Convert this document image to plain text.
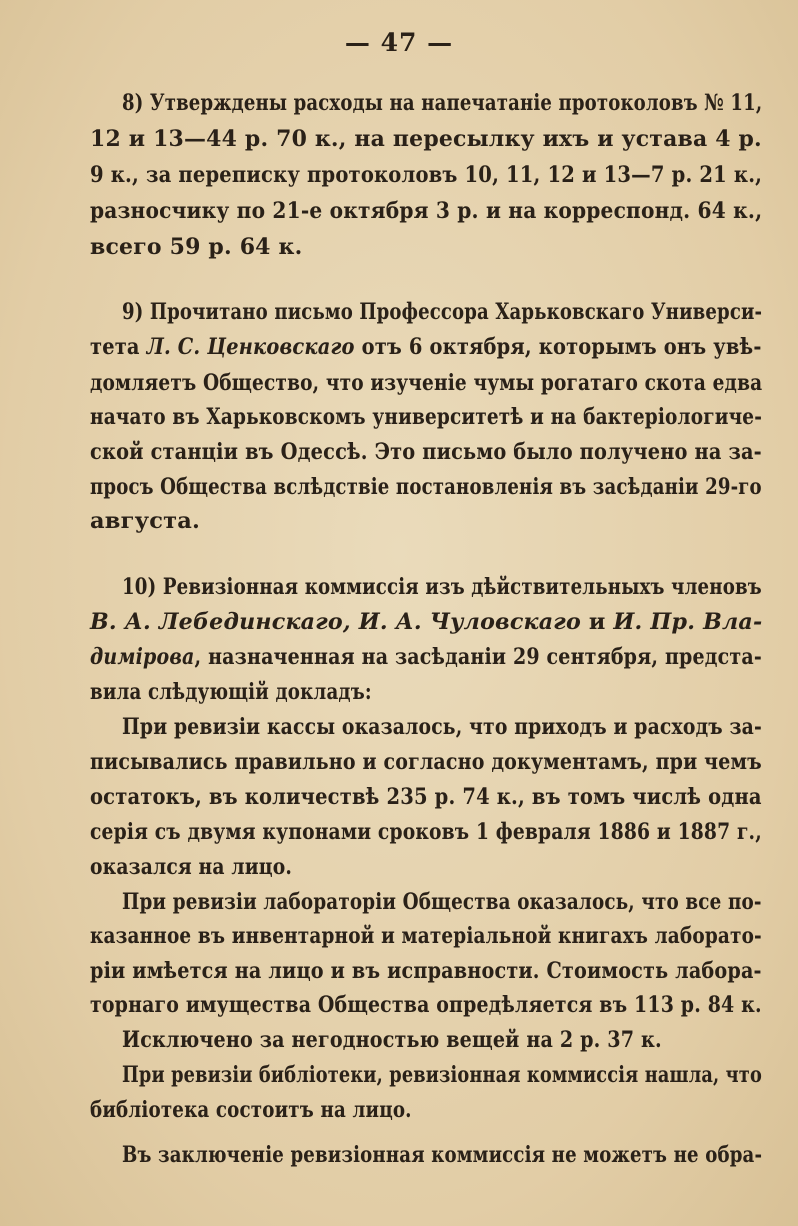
— 47 —
8) Утверждены расходы на напечатаніе протоколовъ № 11,
12 и 13—44 р. 70 к., на пересылку ихъ и устава 4 р.
9 к., за переписку протоколовъ 10, 11, 12 и 13—7 р. 21 к.,
разносчику по 21-е октября 3 р. и на корреспонд. 64 к.,
всего 59 р. 64 к.
9) Прочитано письмо Профессора Харьковскаго Универси-
тета Л. С. Ценковскаго отъ 6 октября, которымъ онъ увѣ-
домляетъ Общество, что изученіе чумы рогатаго скота едва
начато въ Харьковскомъ университетѣ и на бактеріологиче-
ской станціи въ Одессѣ. Это письмо было получено на за-
просъ Общества вслѣдствіе постановленія въ засѣданіи 29-го
августа.
10) Ревизіонная коммиссія изъ дѣйствительныхъ членовъ
В. А. Лебединскаго, И. А. Чуловскаго и И. Пр. Вла-
димірова, назначенная на засѣданіи 29 сентября, предста-
вила слѣдующій докладъ:
При ревизіи кассы оказалось, что приходъ и расходъ за-
писывались правильно и согласно документамъ, при чемъ
остатокъ, въ количествѣ 235 р. 74 к., въ томъ числѣ одна
серія съ двумя купонами сроковъ 1 февраля 1886 и 1887 г.,
оказался на лицо.
При ревизіи лабораторіи Общества оказалось, что все по-
казанное въ инвентарной и матеріальной книгахъ лаборато-
ріи имѣется на лицо и въ исправности. Стоимость лабора-
торнаго имущества Общества опредѣляется въ 113 р. 84 к.
Исключено за негодностью вещей на 2 р. 37 к.
При ревизіи библіотеки, ревизіонная коммиссія нашла, что
библіотека состоитъ на лицо.
Въ заключеніе ревизіонная коммиссія не можетъ не обра-
